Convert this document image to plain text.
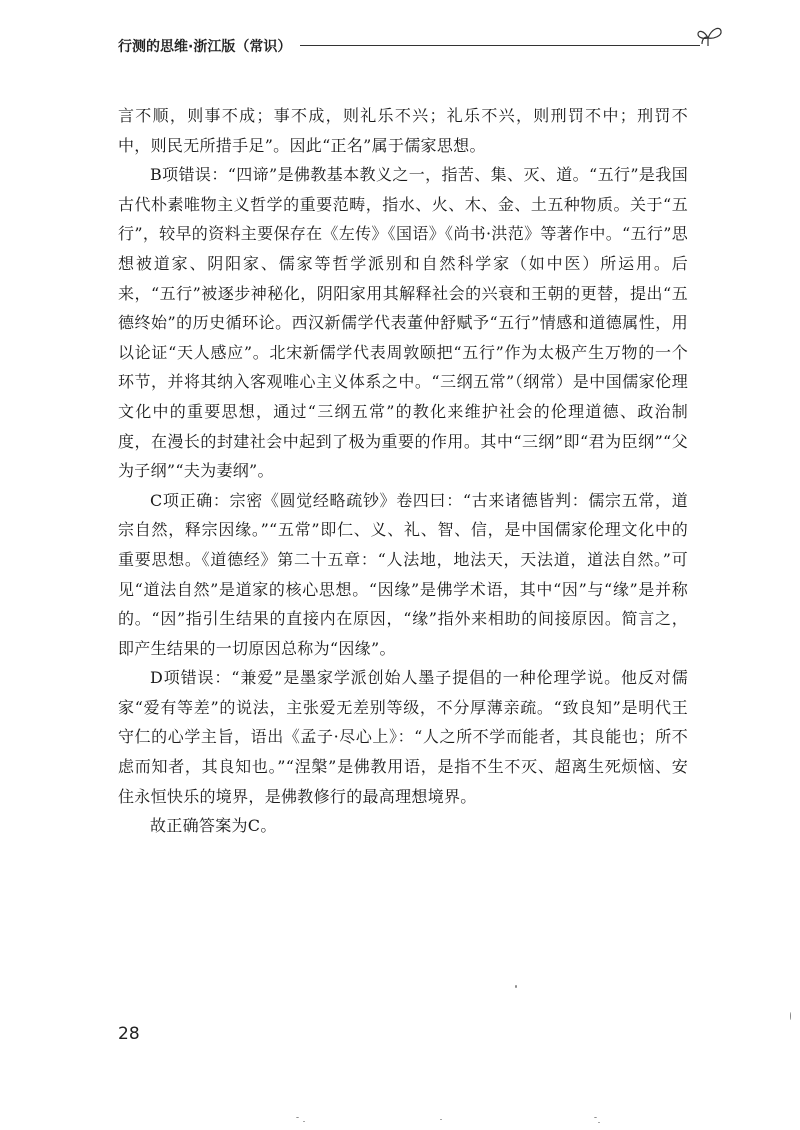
行测的思维·浙江版（常识）

言不顺，则事不成；事不成，则礼乐不兴；礼乐不兴，则刑罚不中；刑罚不中，则民无所措手足”。因此“正名”属于儒家思想。

B项错误：“四谛”是佛教基本教义之一，指苦、集、灭、道。“五行”是我国古代朴素唯物主义哲学的重要范畴，指水、火、木、金、土五种物质。关于“五行”，较早的资料主要保存在《左传》《国语》《尚书·洪范》等著作中。“五行”思想被道家、阴阳家、儒家等哲学派别和自然科学家（如中医）所运用。后来，“五行”被逐步神秘化，阴阳家用其解释社会的兴衰和王朝的更替，提出“五德终始”的历史循环论。西汉新儒学代表董仲舒赋予“五行”情感和道德属性，用以论证“天人感应”。北宋新儒学代表周敦颐把“五行”作为太极产生万物的一个环节，并将其纳入客观唯心主义体系之中。“三纲五常”（纲常）是中国儒家伦理文化中的重要思想，通过“三纲五常”的教化来维护社会的伦理道德、政治制度，在漫长的封建社会中起到了极为重要的作用。其中“三纲”即“君为臣纲”“父为子纲”“夫为妻纲”。

C项正确：宗密《圆觉经略疏钞》卷四曰：“古来诸德皆判：儒宗五常，道宗自然，释宗因缘。”“五常”即仁、义、礼、智、信，是中国儒家伦理文化中的重要思想。《道德经》第二十五章：“人法地，地法天，天法道，道法自然。”可见“道法自然”是道家的核心思想。“因缘”是佛学术语，其中“因”与“缘”是并称的。“因”指引生结果的直接内在原因，“缘”指外来相助的间接原因。简言之，即产生结果的一切原因总称为“因缘”。

D项错误：“兼爱”是墨家学派创始人墨子提倡的一种伦理学说。他反对儒家“爱有等差”的说法，主张爱无差别等级，不分厚薄亲疏。“致良知”是明代王守仁的心学主旨，语出《孟子·尽心上》：“人之所不学而能者，其良能也；所不虑而知者，其良知也。”“涅槃”是佛教用语，是指不生不灭、超离生死烦恼、安住永恒快乐的境界，是佛教修行的最高理想境界。

故正确答案为C。

28
